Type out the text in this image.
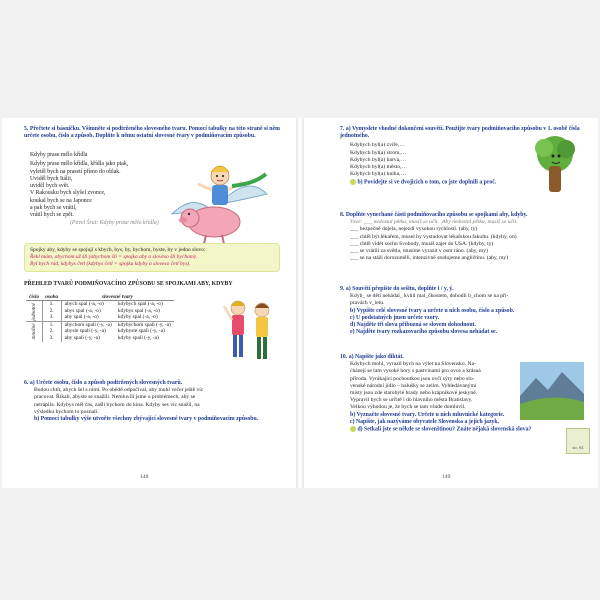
5. Přečtete si básničku. Všimněte si podtrženého slovesného tvaru. Pomocí tabulky na této straně si něm určete osobu, číslo a způsob. Doplňte k němu ostatní slovesné tvary v podmiňovacím způsobu.
Kdyby prase mělo křídla
Kdyby prase mělo křídla, křídla jako ptak,
vyletěl bych na prasetí přímo do oblak.
Uviděl bych Itálii,
uviděl bych svět.
V Rakousku bych slyšel zvonce,
koukal bych se na Japonce
a pak bych se vrátil,
vrátil bych se zpět.
(Pavel Šrut: Kdyby prase mělo křídla)
Spojky aby, kdyby se spojují s kbych, bys, by, bychom, byste, by v jedno slovo:
Řekl mám, abychom už šli (abychom šli = spojka aby a sloveso šli bychom).
Byl bych rád, kdybys četl (kdybys četl = spojka kdyby a sloveso četl bys).
PŘEHLED TVARŮ PODMIŇOVACÍHO ZPŮSOBU SE SPOJKAMI ABY, KDYBY
číslo	osoba	slovesné tvary	
jednotné	1.	abych spal (-a, -o)	kdybych spal (-a, -o)
	2.	abys spal (-a, -o)	kdybys spal (-a, -o)
	3.	aby spal (-a, -o)	kdyby spal (-a, -o)
množné	1.	abychom spali (-y, -a)	kdybychom spali (-y, -a)
	2.	abyste spali (-y, -a)	kdybyste spali (-y, -a)
	3.	aby spali (-y, -a)	kdyby spali (-y, -a)
6. a) Určete osobu, číslo a způsob podtržených slovesných tvarů.
Budou chtít, abych šel s nimi. Po obědě odpočíval, aby mohl večer ještě víc
pracovat. Říkali, abyste se snažili. Nemluvili jsme o problémech, aby se
netrápila. Kdybys měl čas, zašli bychom do kina. Kdyby ses víc snažil, na
výsledku bychom to poznali.
b) Pomocí tabulky výše utvořte všechny zbývající slovesné tvary v podmiňovacím způsobu.
148
7. a) Vymyslete vhodné dokončení souvětí. Použijte tvary podmiňovacího způsobu v 1. osobě čísla jednotného.
Kdybych byl(a) zvíře,…
Kdybych byl(a) strom,…
Kdybych byl(a) barva,…
Kdybych byl(a) město,…
Kdybych byl(a) kniha,…
b) Povídejte si ve dvojicích o tom, co jste doplnili a proč.
8. Doplňte vynechané části podmiňovacího způsobu se spojkami aby, kdyby.
Vzor: ___ nedostal pětku, musíš se učit. ¸Aby nedostal pětku, musíš se učit.
___ bezpečně dojela, nejezdi vysokou rychlostí. (aby, ty)
___ chtěl být lékařem, musel by vystudovat lékařskou fakultu. (kdyby, on)
___ chtěl vidět sochu Svobody, musíš zajet do USA. (kdyby, ty)
___ se vrátili za světla, musíme vyrazit v osm ráno. (aby, my)
___ se na stáži dorozuměli, intenzivně studujeme angličtinu. (aby, my)
9. a) Souvětí přepište do sešitu, doplňte i / y, ý.
Kdyb_ se děti nehádal_ kvůli mal_čkostem, dohodli b_chom se na pří-
pravách v_letu.
b) Vypište celé slovesné tvary a určete u nich osobu, číslo a způsob.
c) U podstatných jmen určete vzory.
d) Najděte tři slova příbuzná se slovem dohodnout.
e) Najděte tvary rozkazovacího způsobu slovesa nehádat se.
10. a) Napište jako diktát.
Kdybych mohl, vyrazil bych na výlet na Slovensko. Na-
cházejí se tam vysoké hory s pastvinami pro ovce a krásná
příroda. Vynikající pochoutkou jsou ovčí sýry nebo slo-
venské národní jídlo – halušky se zelím. Vyhledávanými
místy jsou zde starobylé hrady nebo krápníkové jeskyně.
Vypravil bych se určitě i do hlavního města Bratislavy.
Velkou výhodou je, že bych se tam všude domluvil.
b) Vyznačte slovesné tvary. Určete u nich mluvnické kategorie.
c) Napište, jak nazýváme obyvatele Slovenska a jejich jazyk.
d) Setkali jste se někde se slovenštinou? Znáte nějaká slovenská slova?
str. 64
149
